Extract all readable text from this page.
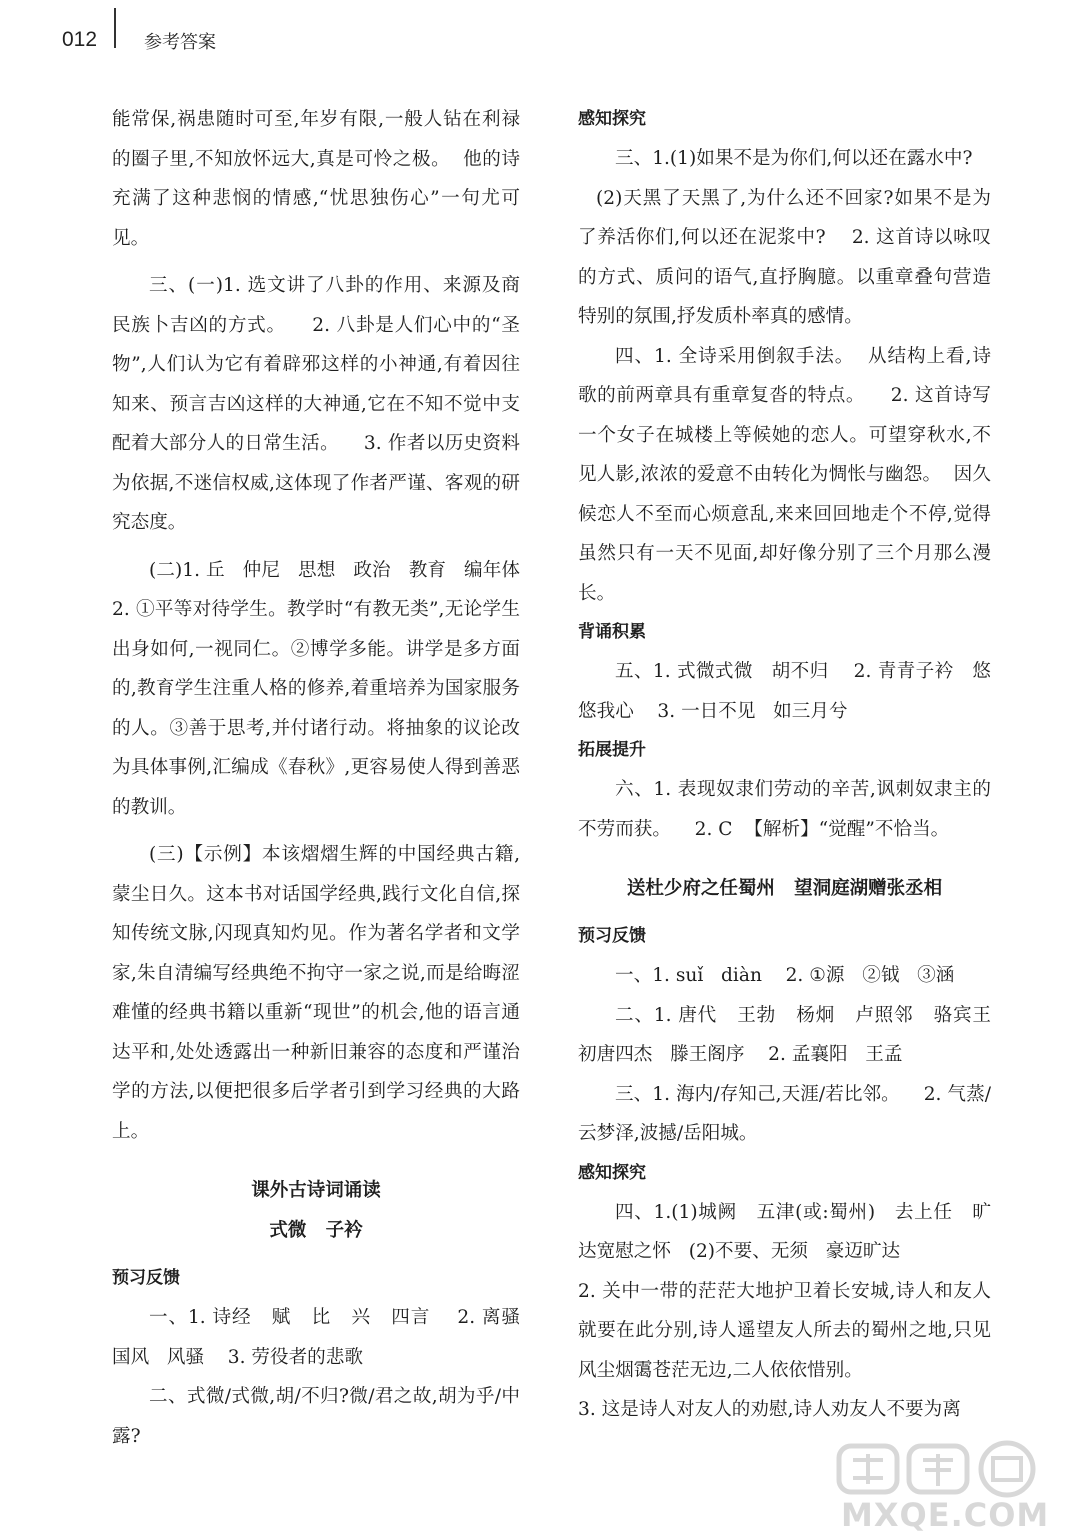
012	参考答案

能常保,祸患随时可至,年岁有限,一般人钻在利禄的圈子里,不知放怀远大,真是可怜之极。  他的诗充满了这种悲悯的情感,“忧思独伤心”一句尤可见。

三、(一)1. 选文讲了八卦的作用、来源及商民族卜吉凶的方式。    2. 八卦是人们心中的“圣物”,人们认为它有着辟邪这样的小神通,有着因往知来、预言吉凶这样的大神通,它在不知不觉中支配着大部分人的日常生活。    3. 作者以历史资料为依据,不迷信权威,这体现了作者严谨、客观的研究态度。

(二)1. 丘   仲尼   思想   政治   教育   编年体    2. ①平等对待学生。教学时“有教无类”,无论学生出身如何,一视同仁。②博学多能。讲学是多方面的,教育学生注重人格的修养,着重培养为国家服务的人。③善于思考,并付诸行动。将抽象的议论改为具体事例,汇编成《春秋》,更容易使人得到善恶的教训。

(三)【示例】本该熠熠生辉的中国经典古籍,蒙尘日久。这本书对话国学经典,践行文化自信,探知传统文脉,闪现真知灼见。作为著名学者和文学家,朱自清编写经典绝不拘守一家之说,而是给晦涩难懂的经典书籍以重新“现世”的机会,他的语言通达平和,处处透露出一种新旧兼容的态度和严谨治学的方法,以便把很多后学者引到学习经典的大路上。

课外古诗词诵读

式微   子衿

预习反馈

一、1. 诗经   赋   比   兴   四言    2. 离骚   国风   风骚    3. 劳役者的悲歌

二、式微/式微,胡/不归?微/君之故,胡为乎/中露?

感知探究

三、1.(1)如果不是为你们,何以还在露水中?

(2)天黑了天黑了,为什么还不回家?如果不是为了养活你们,何以还在泥浆中?    2. 这首诗以咏叹的方式、质问的语气,直抒胸臆。以重章叠句营造特别的氛围,抒发质朴率真的感情。

四、1. 全诗采用倒叙手法。  从结构上看,诗歌的前两章具有重章复沓的特点。    2. 这首诗写一个女子在城楼上等候她的恋人。可望穿秋水,不见人影,浓浓的爱意不由转化为惆怅与幽怨。  因久候恋人不至而心烦意乱,来来回回地走个不停,觉得虽然只有一天不见面,却好像分别了三个月那么漫长。

背诵积累

五、1. 式微式微   胡不归    2. 青青子衿   悠悠我心    3. 一日不见   如三月兮

拓展提升

六、1. 表现奴隶们劳动的辛苦,讽刺奴隶主的不劳而获。    2. C  【解析】“觉醒”不恰当。

送杜少府之任蜀州   望洞庭湖赠张丞相

预习反馈

一、1. suǐ   diàn    2. ①源   ②钺   ③涵

二、1. 唐代   王勃   杨炯   卢照邻   骆宾王   初唐四杰   滕王阁序    2. 孟襄阳   王孟

三、1. 海内/存知己,天涯/若比邻。    2. 气蒸/云梦泽,波撼/岳阳城。

感知探究

四、1.(1)城阙   五津(或:蜀州)   去上任   旷达宽慰之怀   (2)不要、无须   豪迈旷达

2. 关中一带的茫茫大地护卫着长安城,诗人和友人就要在此分别,诗人遥望友人所去的蜀州之地,只见风尘烟霭苍茫无边,二人依依惜别。

3. 这是诗人对友人的劝慰,诗人劝友人不要为离

MXQE.COM
